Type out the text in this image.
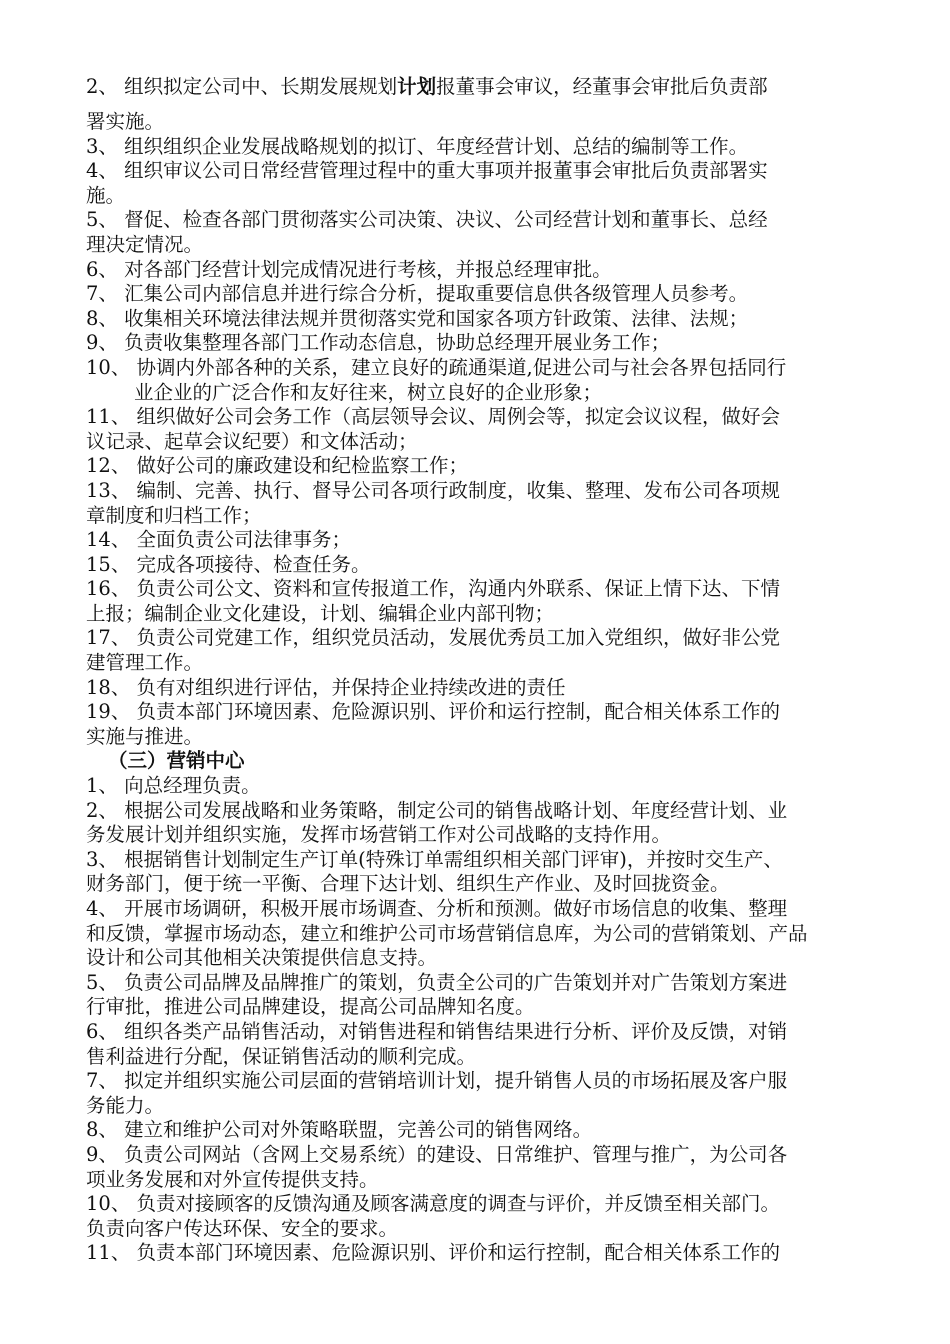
2、 组织拟定公司中、长期发展规划计划报董事会审议，经董事会审批后负责部
署实施。
3、 组织组织企业发展战略规划的拟订、年度经营计划、总结的编制等工作。
4、 组织审议公司日常经营管理过程中的重大事项并报董事会审批后负责部署实
施。
5、 督促、检查各部门贯彻落实公司决策、决议、公司经营计划和董事长、总经
理决定情况。
6、 对各部门经营计划完成情况进行考核，并报总经理审批。
7、 汇集公司内部信息并进行综合分析，提取重要信息供各级管理人员参考。
8、 收集相关环境法律法规并贯彻落实党和国家各项方针政策、法律、法规；
9、 负责收集整理各部门工作动态信息，协助总经理开展业务工作；
10、 协调内外部各种的关系，建立良好的疏通渠道,促进公司与社会各界包括同行
业企业的广泛合作和友好往来，树立良好的企业形象；
11、 组织做好公司会务工作（高层领导会议、周例会等，拟定会议议程，做好会
议记录、起草会议纪要）和文体活动；
12、 做好公司的廉政建设和纪检监察工作；
13、 编制、完善、执行、督导公司各项行政制度，收集、整理、发布公司各项规
章制度和归档工作；
14、 全面负责公司法律事务；
15、 完成各项接待、检查任务。
16、 负责公司公文、资料和宣传报道工作，沟通内外联系、保证上情下达、下情
上报；编制企业文化建设，计划、编辑企业内部刊物；
17、 负责公司党建工作，组织党员活动，发展优秀员工加入党组织，做好非公党
建管理工作。
18、 负有对组织进行评估，并保持企业持续改进的责任
19、 负责本部门环境因素、危险源识别、评价和运行控制，配合相关体系工作的
实施与推进。
（三）营销中心
1、 向总经理负责。
2、 根据公司发展战略和业务策略，制定公司的销售战略计划、年度经营计划、业
务发展计划并组织实施，发挥市场营销工作对公司战略的支持作用。
3、 根据销售计划制定生产订单(特殊订单需组织相关部门评审)，并按时交生产、
财务部门，便于统一平衡、合理下达计划、组织生产作业、及时回拢资金。
4、 开展市场调研，积极开展市场调查、分析和预测。做好市场信息的收集、整理
和反馈，掌握市场动态，建立和维护公司市场营销信息库，为公司的营销策划、产品
设计和公司其他相关决策提供信息支持。
5、 负责公司品牌及品牌推广的策划，负责全公司的广告策划并对广告策划方案进
行审批，推进公司品牌建设，提高公司品牌知名度。
6、 组织各类产品销售活动，对销售进程和销售结果进行分析、评价及反馈，对销
售利益进行分配，保证销售活动的顺利完成。
7、 拟定并组织实施公司层面的营销培训计划，提升销售人员的市场拓展及客户服
务能力。
8、 建立和维护公司对外策略联盟，完善公司的销售网络。
9、 负责公司网站（含网上交易系统）的建设、日常维护、管理与推广，为公司各
项业务发展和对外宣传提供支持。
10、 负责对接顾客的反馈沟通及顾客满意度的调查与评价，并反馈至相关部门。
负责向客户传达环保、安全的要求。
11、 负责本部门环境因素、危险源识别、评价和运行控制，配合相关体系工作的
